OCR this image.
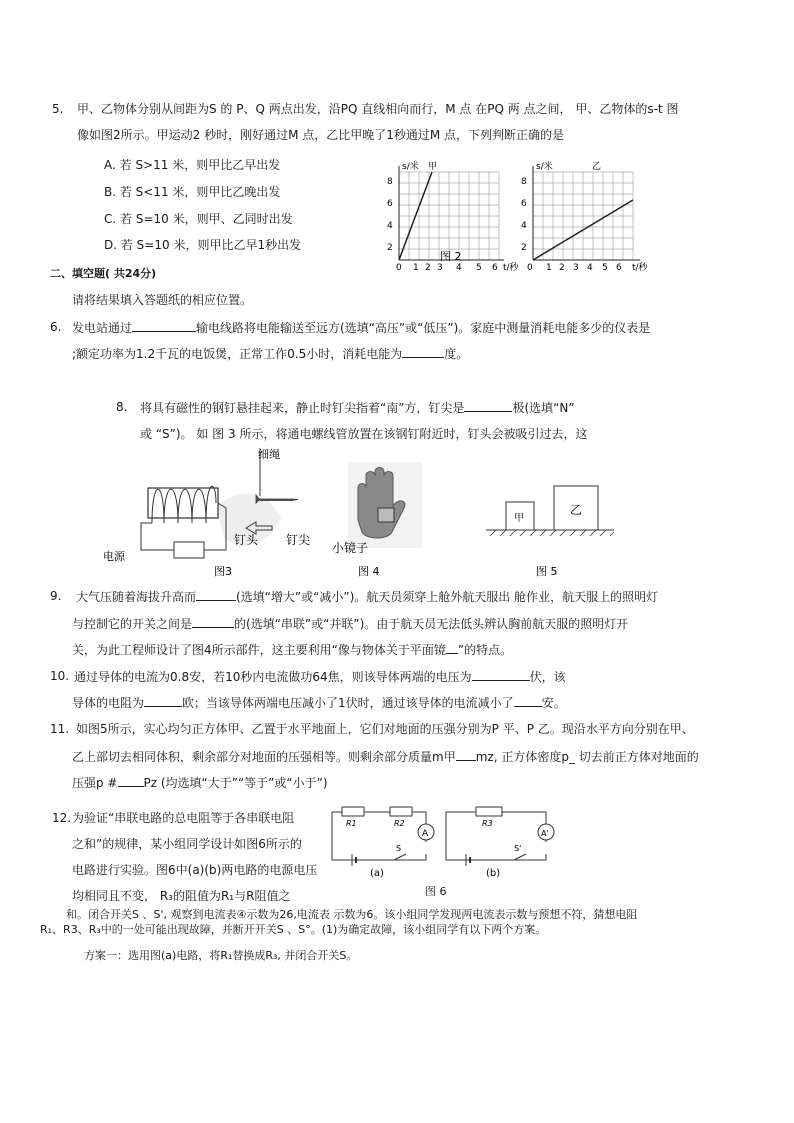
5. 甲、乙物体分别从间距为S 的 P、Q 两点出发，沿PQ 直线相向而行，M 点 在PQ 两 点之间， 甲、乙物体的s-t 图
像如图2所示。甲运动2 秒时，刚好通过M 点，乙比甲晚了1秒通过M 点，下列判断正确的是
A. 若 S>11 米，则甲比乙早出发
B. 若 S<11 米，则甲比乙晚出发
C. 若 S=10 米，则甲、乙同时出发
D. 若 S=10 米，则甲比乙早1秒出发
s/米 甲
8
6
4
2
0 1 2 3 4 5 6 t/秒
图 2
s/米	乙
8
6
4
2
0 1 2 3 4 5 6 t/秒
二、填空题( 共24分)
请将结果填入答题纸的相应位置。
6. 发电站通过	输电线路将电能输送至远方(选填“高压”或“低压”)。家庭中测量消耗电能多少的仪表是
;额定功率为1.2千瓦的电饭煲，正常工作0.5小时，消耗电能为	度。
8. 将具有磁性的钢钉悬挂起来，静止时钉尖指着“南”方，钉尖是	极(选填“N”
或 “S”)。 如 图 3 所示，将通电螺线管放置在该钢钉附近时，钉头会被吸引过去，这
细绳
电源
钉头 钉尖
图3
小镜子
图 4
甲
乙
图 5
9. 大气压随着海拔升高而	(选填“增大”或“减小”)。航天员须穿上舱外航天服出 舱作业，航天服上的照明灯
与控制它的开关之间是	的(选填“串联”或“并联”)。由于航天员无法低头辨认胸前航天服的照明灯开
关，为此工程师设计了图4所示部件，这主要利用“像与物体关于平面镜 ”的特点。
10. 通过导体的电流为0.8安，若10秒内电流做功64焦，则该导体两端的电压为	伏，该
导体的电阻为	欧；当该导体两端电压减小了1伏时，通过该导体的电流减小了 安。
11. 如图5所示，实心均匀正方体甲、乙置于水平地面上，它们对地面的压强分别为P 平、P 乙。现沿水平方向分别在甲、
乙上部切去相同体积，剩余部分对地面的压强相等。则剩余部分质量m甲 mz, 正方体密度p_ 切去前正方体对地面的
压强p # Pz (均选填“大于”“等于”或“小于”)
12. 为验证“串联电路的总电阻等于各串联电阻
之和”的规律，某小组同学设计如图6所示的
电路进行实验。图6中(a)(b)两电路的电源电压
均相同且不变， R₃的阻值为R₁与R阻值之
和。闭合开关S 、S', 观察到电流表④示数为26,电流表 示数为6。该小组同学发现两电流表示数与预想不符，猜想电阻
R₁、R3、R₃中的一处可能出现故障，并断开开关S 、S°。(1)为确定故障，该小组同学有以下两个方案。
方案一：选用图(a)电路，将R₁替换成R₃, 并闭合开关S。
R1	R2	R3
A	A'
S	S'
(a)	(b)
图 6
